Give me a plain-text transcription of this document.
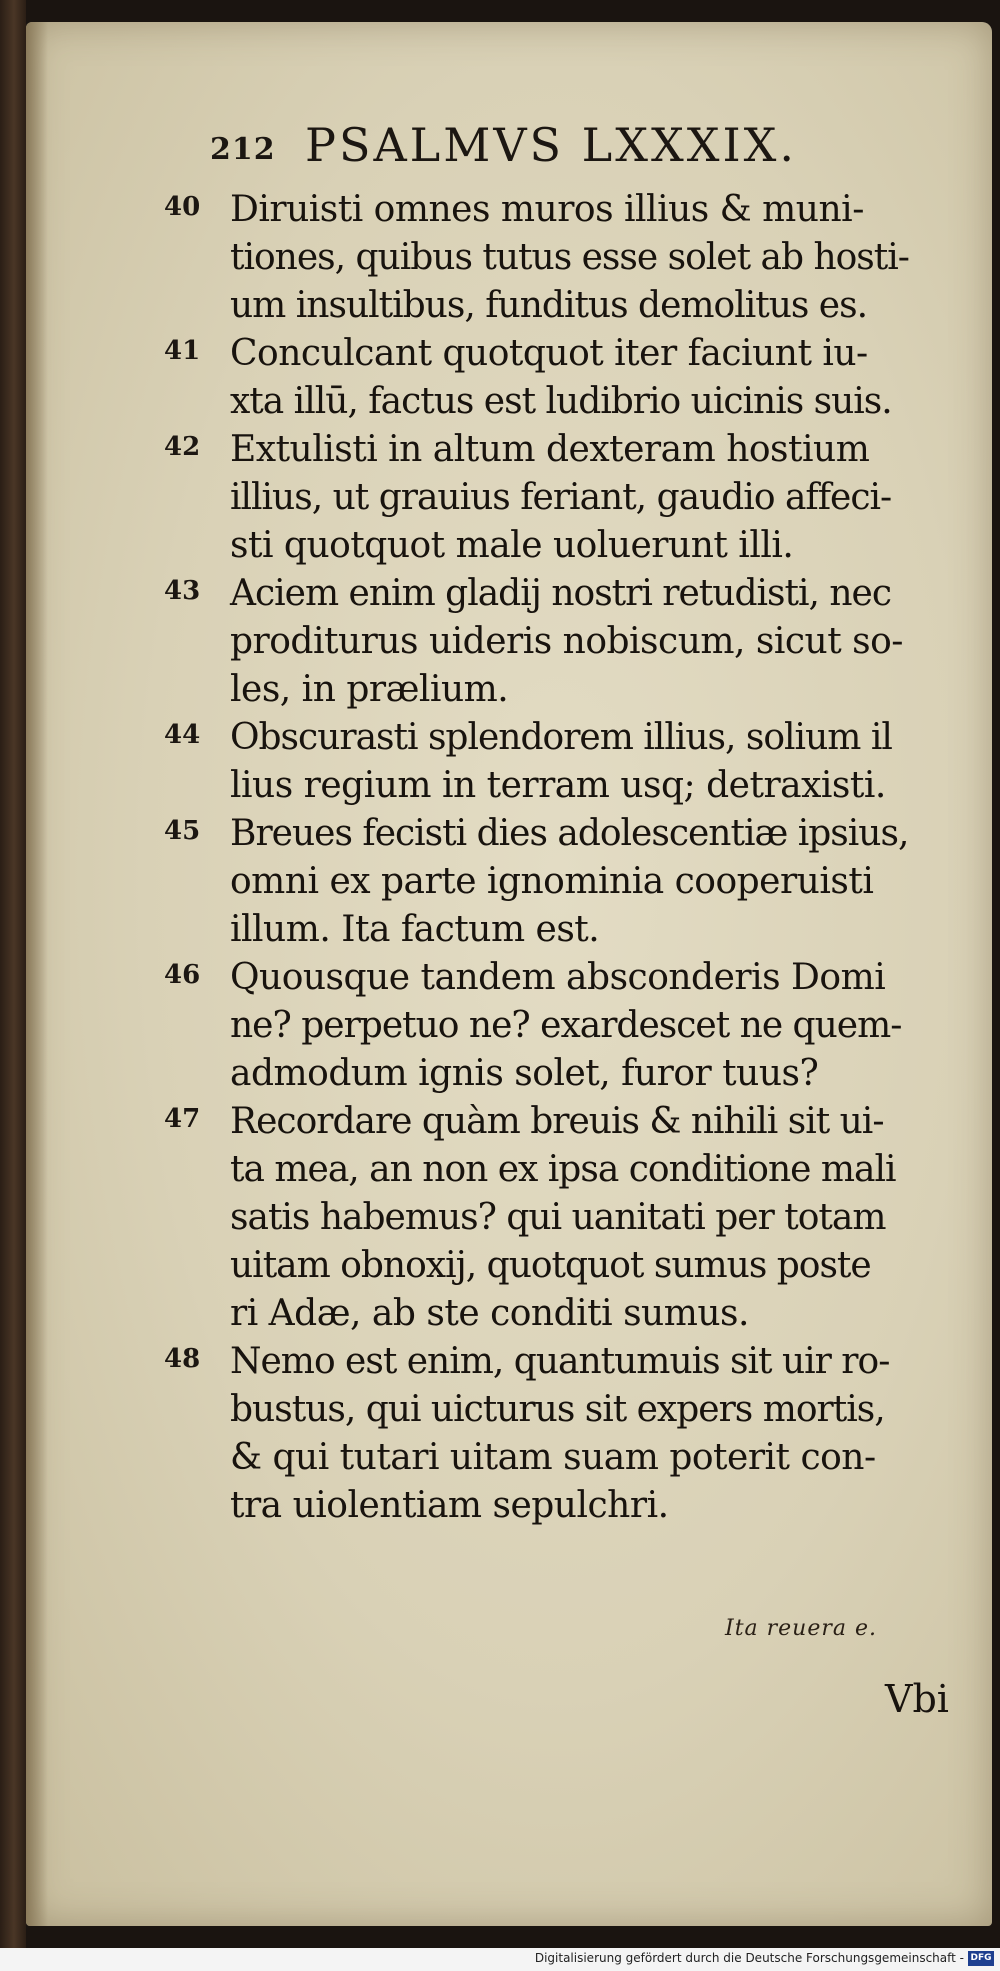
212 PSALMVS LXXXIX.
40 Diruisti omnes muros illius & muni-
tiones, quibus tutus esse solet ab hosti-
um insultibus, funditus demolitus es.
41 Conculcant quotquot iter faciunt iu-
xta illū, factus est ludibrio uicinis suis.
42 Extulisti in altum dexteram hostium
illius, ut grauius feriant, gaudio affeci-
sti quotquot male uoluerunt illi.
43 Aciem enim gladij nostri retudisti, nec
proditurus uideris nobiscum, sicut so-
les, in prælium.
44 Obscurasti splendorem illius, solium il
lius regium in terram usq; detraxisti.
45 Breues fecisti dies adolescentiæ ipsius,
omni ex parte ignominia cooperuisti
illum. Ita factum est.
46 Quousque tandem absconderis Domi
ne? perpetuo ne? exardescet ne quem-
admodum ignis solet, furor tuus?
47 Recordare quàm breuis & nihili sit ui-
ta mea, an non ex ipsa conditione mali
satis habemus? qui uanitati per totam
uitam obnoxij, quotquot sumus poste
ri Adæ, ab ste conditi sumus.
48 Nemo est enim, quantumuis sit uir ro-
bustus, qui uicturus sit expers mortis,
& qui tutari uitam suam poterit con-
tra uiolentiam sepulchri.
Ita reuera e.
Vbi
Digitalisierung gefördert durch die Deutsche Forschungsgemeinschaft - DFG
